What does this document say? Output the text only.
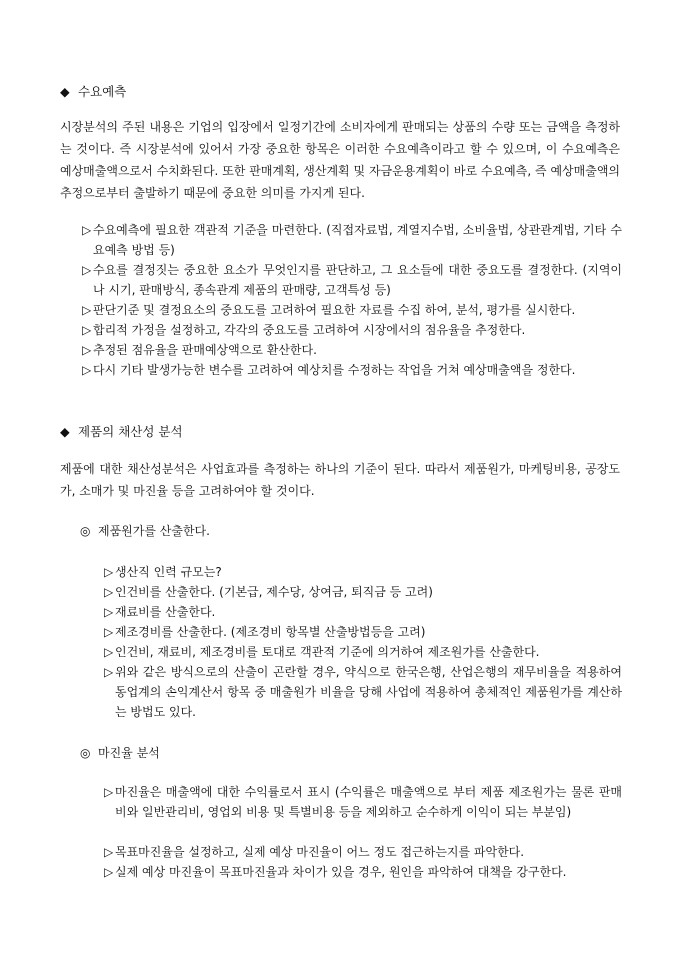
◆ 수요예측
시장분석의 주된 내용은 기업의 입장에서 일정기간에 소비자에게 판매되는 상품의 수량 또는 금액을 측정하는 것이다. 즉 시장분석에 있어서 가장 중요한 항목은 이러한 수요예측이라고 할 수 있으며, 이 수요예측은 예상매출액으로서 수치화된다. 또한 판매계획, 생산계획 및 자금운용계획이 바로 수요예측, 즉 예상매출액의 추정으로부터 출발하기 때문에 중요한 의미를 가지게 된다.
▷ 수요예측에 필요한 객관적 기준을 마련한다. (직접자료법, 계열지수법, 소비율법, 상관관계법, 기타 수요예측 방법 등)
▷ 수요를 결정짓는 중요한 요소가 무엇인지를 판단하고, 그 요소들에 대한 중요도를 결정한다. (지역이나 시기, 판매방식, 종속관계 제품의 판매량, 고객특성 등)
▷ 판단기준 및 결정요소의 중요도를 고려하여 필요한 자료를 수집 하여, 분석, 평가를 실시한다.
▷ 합리적 가정을 설정하고, 각각의 중요도를 고려하여 시장에서의 점유율을 추정한다.
▷ 추정된 점유율을 판매예상액으로 환산한다.
▷ 다시 기타 발생가능한 변수를 고려하여 예상치를 수정하는 작업을 거쳐 예상매출액을 정한다.
◆ 제품의 채산성 분석
제품에 대한 채산성분석은 사업효과를 측정하는 하나의 기준이 된다. 따라서 제품원가, 마케팅비용, 공장도가, 소매가 및 마진율 등을 고려하여야 할 것이다.
◎ 제품원가를 산출한다.
▷ 생산직 인력 규모는?
▷ 인건비를 산출한다. (기본급, 제수당, 상여금, 퇴직금 등 고려)
▷ 재료비를 산출한다.
▷ 제조경비를 산출한다. (제조경비 항목별 산출방법등을 고려)
▷ 인건비, 재료비, 제조경비를 토대로 객관적 기준에 의거하여 제조원가를 산출한다.
▷ 위와 같은 방식으로의 산출이 곤란할 경우, 약식으로 한국은행, 산업은행의 재무비율을 적용하여 동업계의 손익계산서 항목 중 매출원가 비율을 당해 사업에 적용하여 총체적인 제품원가를 계산하는 방법도 있다.
◎ 마진율 분석
▷ 마진율은 매출액에 대한 수익률로서 표시 (수익률은 매출액으로 부터 제품 제조원가는 물론 판매비와 일반관리비, 영업외 비용 및 특별비용 등을 제외하고 순수하게 이익이 되는 부분임)
▷ 목표마진율을 설정하고, 실제 예상 마진율이 어느 정도 접근하는지를 파악한다.
▷ 실제 예상 마진율이 목표마진율과 차이가 있을 경우, 원인을 파악하여 대책을 강구한다.
